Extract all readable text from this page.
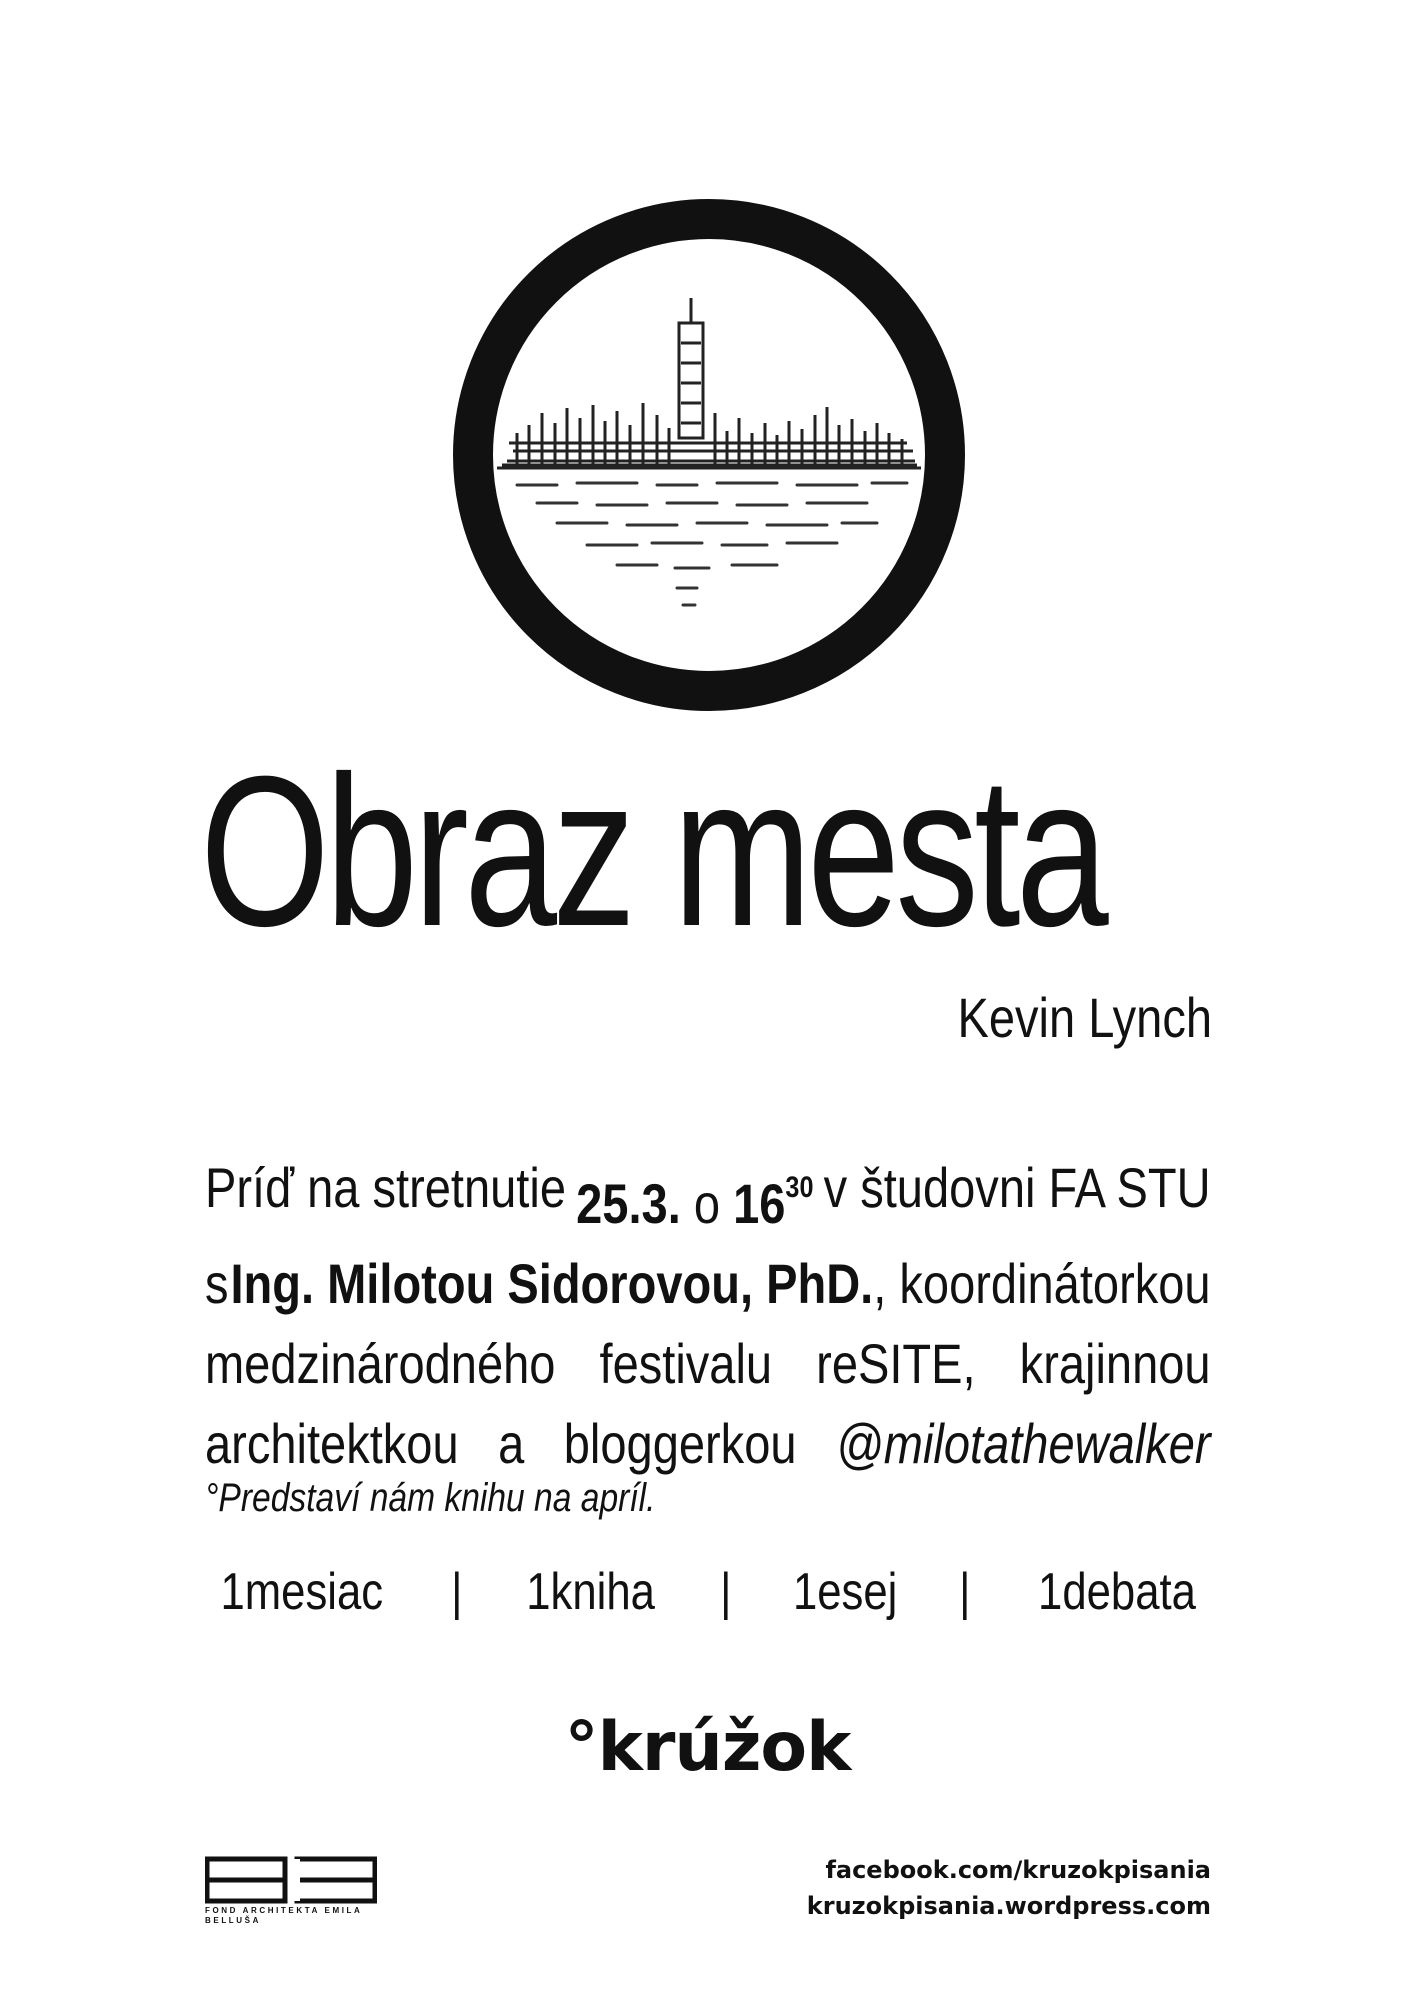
Obraz mesta
Kevin Lynch
Príď na stretnutie 25.3. o $16^{30}$ v študovni FA STU
s Ing. Milotou Sidorovou, PhD. , koordinátorkou
medzinárodného festivalu reSITE, krajinnou
architektkou a bloggerkou @milotathewalker
°Predstaví nám knihu na apríl.
1mesiac | 1kniha | 1esej | 1debata
°krúžok
FOND ARCHITEKTA EMILA BELLUŠA
facebook.com/kruzokpisania
kruzokpisania.wordpress.com
